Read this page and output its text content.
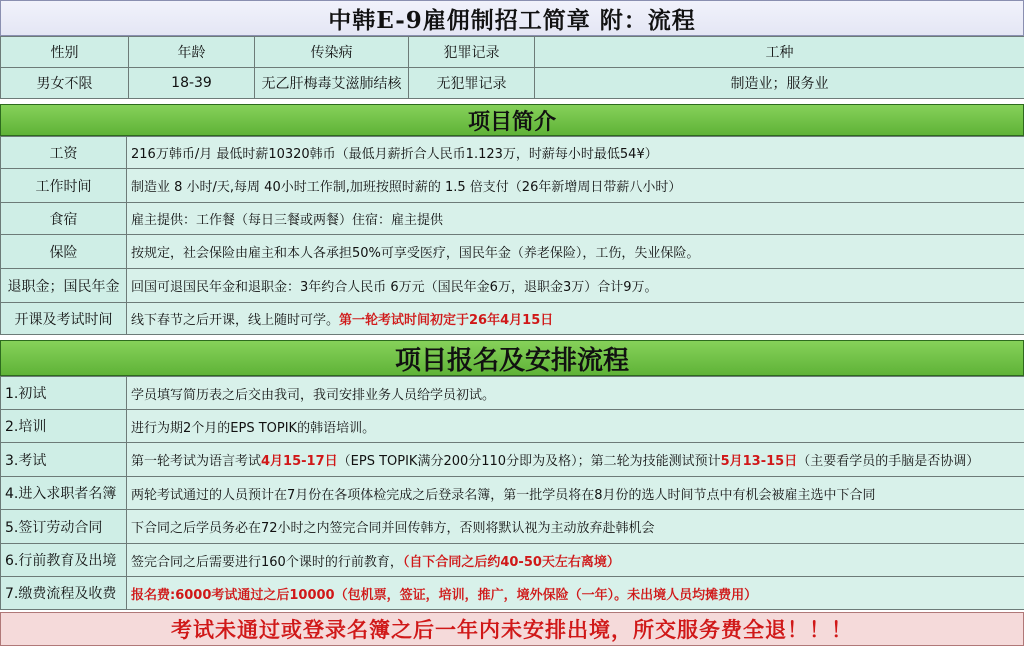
中韩E-9雇佣制招工简章 附：流程
性别	年龄	传染病	犯罪记录	工种
男女不限	18-39	无乙肝梅毒艾滋肺结核	无犯罪记录	制造业；服务业
项目简介
工资	216万韩币/月 最低时薪10320韩币（最低月薪折合人民币1.123万，时薪每小时最低54¥）
工作时间	制造业 8 小时/天,每周 40小时工作制,加班按照时薪的 1.5 倍支付（26年新增周日带薪八小时）
食宿	雇主提供：工作餐（每日三餐或两餐）住宿：雇主提供
保险	按规定，社会保险由雇主和本人各承担50%可享受医疗，国民年金（养老保险），工伤，失业保险。
退职金；国民年金	回国可退国民年金和退职金：3年约合人民币 6万元（国民年金6万，退职金3万）合计9万。
开课及考试时间	线下春节之后开课，线上随时可学。第一轮考试时间初定于26年4月15日
项目报名及安排流程
1.初试	学员填写简历表之后交由我司，我司安排业务人员给学员初试。
2.培训	进行为期2个月的EPS TOPIK的韩语培训。
3.考试	第一轮考试为语言考试4月15-17日（EPS TOPIK满分200分110分即为及格）；第二轮为技能测试预计5月13-15日（主要看学员的手脑是否协调）
4.进入求职者名簿	两轮考试通过的人员预计在7月份在各项体检完成之后登录名簿，第一批学员将在8月份的选人时间节点中有机会被雇主选中下合同
5.签订劳动合同	下合同之后学员务必在72小时之内签完合同并回传韩方，否则将默认视为主动放弃赴韩机会
6.行前教育及出境	签完合同之后需要进行160个课时的行前教育，（自下合同之后约40-50天左右离境）
7.缴费流程及收费	报名费:6000考试通过之后10000（包机票，签证，培训，推广，境外保险（一年）。未出境人员均摊费用）
考试未通过或登录名簿之后一年内未安排出境，所交服务费全退！！！
